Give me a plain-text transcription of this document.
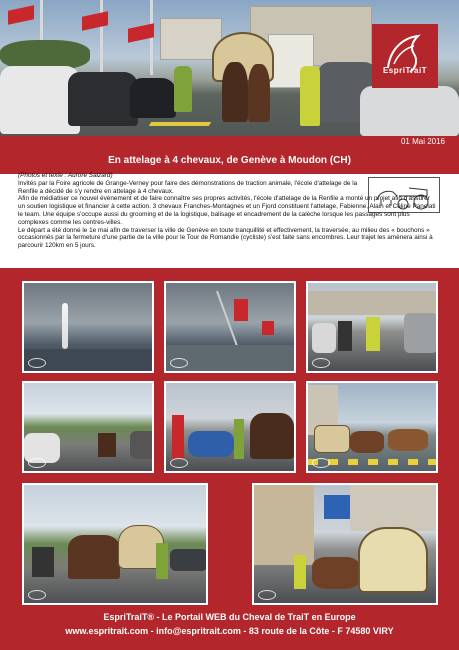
EspriTraiT
01 Mai 2016
En attelage à 4 chevaux, de Genève à Moudon (CH)

(Photos et texte : Aurore Salzard)

Invités par la Foire agricole de Grange-Verney pour faire des démonstrations de traction animale, l'école d'attelage de la Renfile a décidé de s'y rendre en attelage à 4 chevaux.

Afin de médiatiser ce nouvel événement et de faire connaître ses propres activités, l'école d'attelage de la Renfile a monté un projet afin d'assurer un soutien logistique et financier à cette action. 3 chevaux Franches-Montagnes et un Fjord constituent l'attelage, Fabienne, Alain et Céline Panelati le team. Une équipe s'occupe aussi du grooming et de la logistique, balisage et encadrement de la calèche lorsque les passages sont plus complexes comme les centres-villes.

Le départ a été donné le 1e mai afin de traverser la ville de Genève en toute tranquillité et effectivement, la traversée, au milieu des « bouchons » occasionnés par la fermeture d'une partie de la ville pour le Tour de Romandie (cycliste) s'est faite sans encombres. Leur trajet les amènera ainsi à parcourir 120km en 5 jours.

EspriTraiT® - Le Portail WEB du Cheval de TraiT en Europe
www.espritrait.com - info@espritrait.com - 83 route de la Côte - F 74580 VIRY
